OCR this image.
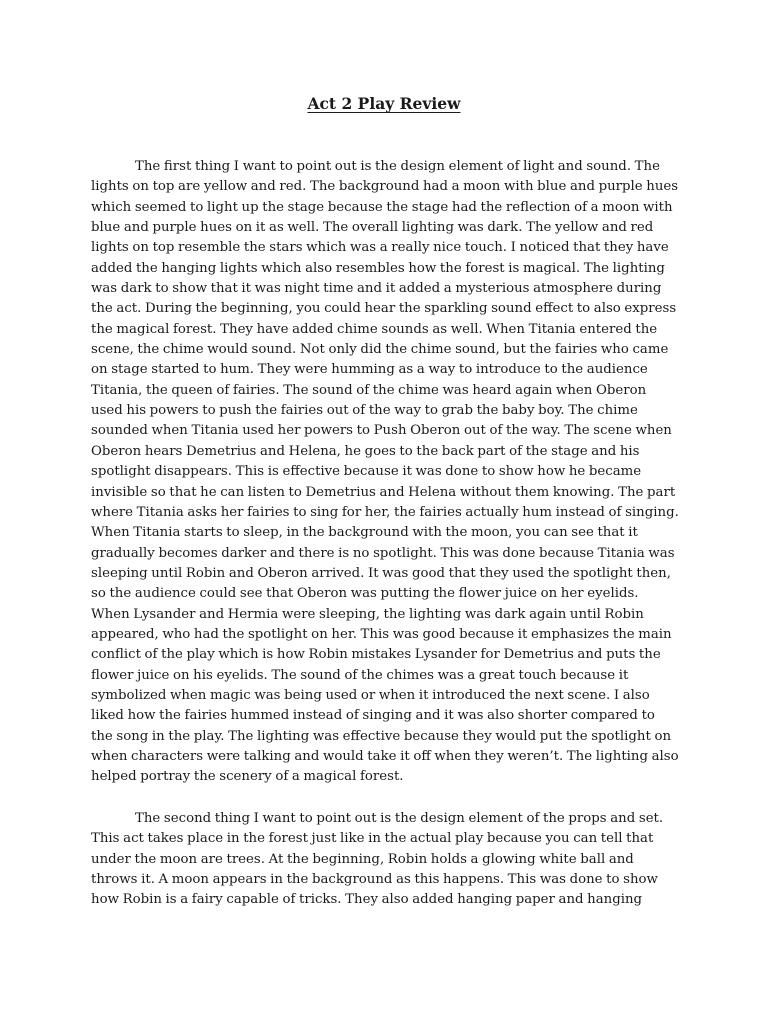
Act 2 Play Review

The first thing I want to point out is the design element of light and sound. The lights on top are yellow and red. The background had a moon with blue and purple hues which seemed to light up the stage because the stage had the reflection of a moon with blue and purple hues on it as well. The overall lighting was dark. The yellow and red lights on top resemble the stars which was a really nice touch. I noticed that they have added the hanging lights which also resembles how the forest is magical. The lighting was dark to show that it was night time and it added a mysterious atmosphere during the act. During the beginning, you could hear the sparkling sound effect to also express the magical forest. They have added chime sounds as well. When Titania entered the scene, the chime would sound. Not only did the chime sound, but the fairies who came on stage started to hum. They were humming as a way to introduce to the audience Titania, the queen of fairies. The sound of the chime was heard again when Oberon used his powers to push the fairies out of the way to grab the baby boy. The chime sounded when Titania used her powers to Push Oberon out of the way. The scene when Oberon hears Demetrius and Helena, he goes to the back part of the stage and his spotlight disappears. This is effective because it was done to show how he became invisible so that he can listen to Demetrius and Helena without them knowing. The part where Titania asks her fairies to sing for her, the fairies actually hum instead of singing. When Titania starts to sleep, in the background with the moon, you can see that it gradually becomes darker and there is no spotlight. This was done because Titania was sleeping until Robin and Oberon arrived. It was good that they used the spotlight then, so the audience could see that Oberon was putting the flower juice on her eyelids. When Lysander and Hermia were sleeping, the lighting was dark again until Robin appeared, who had the spotlight on her. This was good because it emphasizes the main conflict of the play which is how Robin mistakes Lysander for Demetrius and puts the flower juice on his eyelids. The sound of the chimes was a great touch because it symbolized when magic was being used or when it introduced the next scene. I also liked how the fairies hummed instead of singing and it was also shorter compared to the song in the play. The lighting was effective because they would put the spotlight on when characters were talking and would take it off when they weren’t. The lighting also helped portray the scenery of a magical forest.

The second thing I want to point out is the design element of the props and set. This act takes place in the forest just like in the actual play because you can tell that under the moon are trees. At the beginning, Robin holds a glowing white ball and throws it. A moon appears in the background as this happens. This was done to show how Robin is a fairy capable of tricks. They also added hanging paper and hanging
